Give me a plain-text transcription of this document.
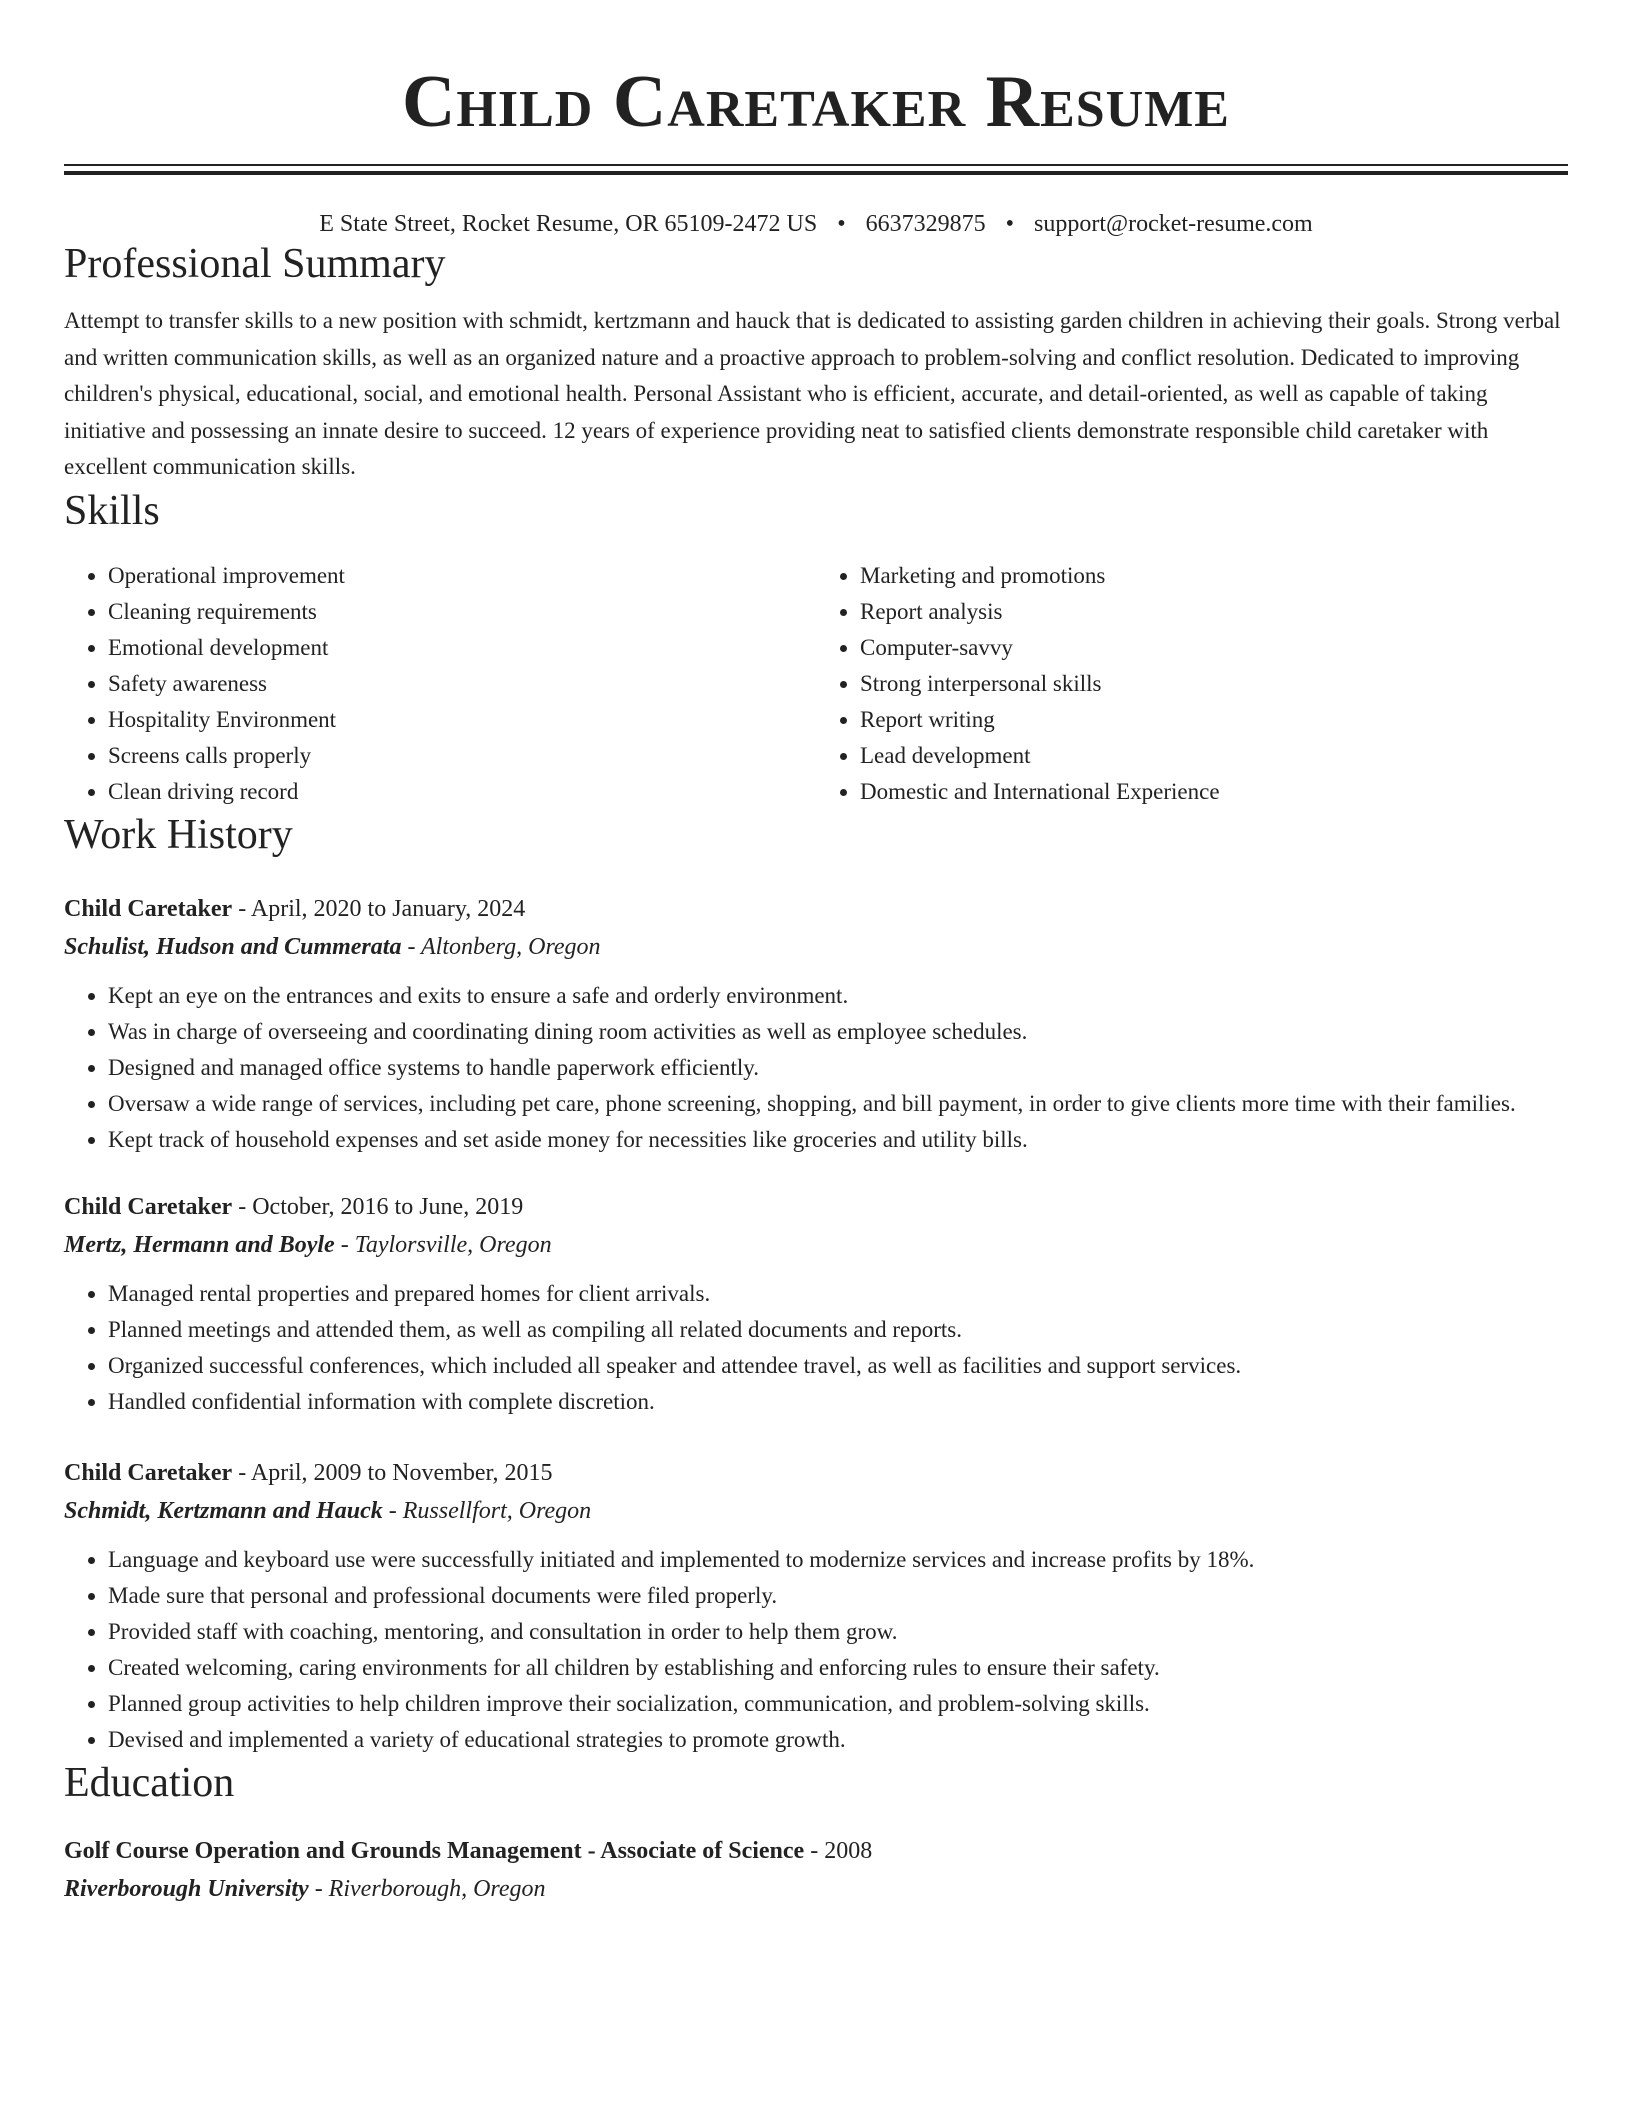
Child Caretaker Resume
E State Street, Rocket Resume, OR 65109-2472 US • 6637329875 • support@rocket-resume.com
Professional Summary

Attempt to transfer skills to a new position with schmidt, kertzmann and hauck that is dedicated to assisting garden children in achieving their goals. Strong verbal and written communication skills, as well as an organized nature and a proactive approach to problem-solving and conflict resolution. Dedicated to improving children's physical, educational, social, and emotional health. Personal Assistant who is efficient, accurate, and detail-oriented, as well as capable of taking initiative and possessing an innate desire to succeed. 12 years of experience providing neat to satisfied clients demonstrate responsible child caretaker with excellent communication skills.

Skills
• Operational improvement
• Cleaning requirements
• Emotional development
• Safety awareness
• Hospitality Environment
• Screens calls properly
• Clean driving record
• Marketing and promotions
• Report analysis
• Computer-savvy
• Strong interpersonal skills
• Report writing
• Lead development
• Domestic and International Experience
Work History
Child Caretaker - April, 2020 to January, 2024
Schulist, Hudson and Cummerata - Altonberg, Oregon
• Kept an eye on the entrances and exits to ensure a safe and orderly environment.
• Was in charge of overseeing and coordinating dining room activities as well as employee schedules.
• Designed and managed office systems to handle paperwork efficiently.
• Oversaw a wide range of services, including pet care, phone screening, shopping, and bill payment, in order to give clients more time with their families.
• Kept track of household expenses and set aside money for necessities like groceries and utility bills.
Child Caretaker - October, 2016 to June, 2019
Mertz, Hermann and Boyle - Taylorsville, Oregon
• Managed rental properties and prepared homes for client arrivals.
• Planned meetings and attended them, as well as compiling all related documents and reports.
• Organized successful conferences, which included all speaker and attendee travel, as well as facilities and support services.
• Handled confidential information with complete discretion.
Child Caretaker - April, 2009 to November, 2015
Schmidt, Kertzmann and Hauck - Russellfort, Oregon
• Language and keyboard use were successfully initiated and implemented to modernize services and increase profits by 18%.
• Made sure that personal and professional documents were filed properly.
• Provided staff with coaching, mentoring, and consultation in order to help them grow.
• Created welcoming, caring environments for all children by establishing and enforcing rules to ensure their safety.
• Planned group activities to help children improve their socialization, communication, and problem-solving skills.
• Devised and implemented a variety of educational strategies to promote growth.
Education
Golf Course Operation and Grounds Management - Associate of Science - 2008
Riverborough University - Riverborough, Oregon
